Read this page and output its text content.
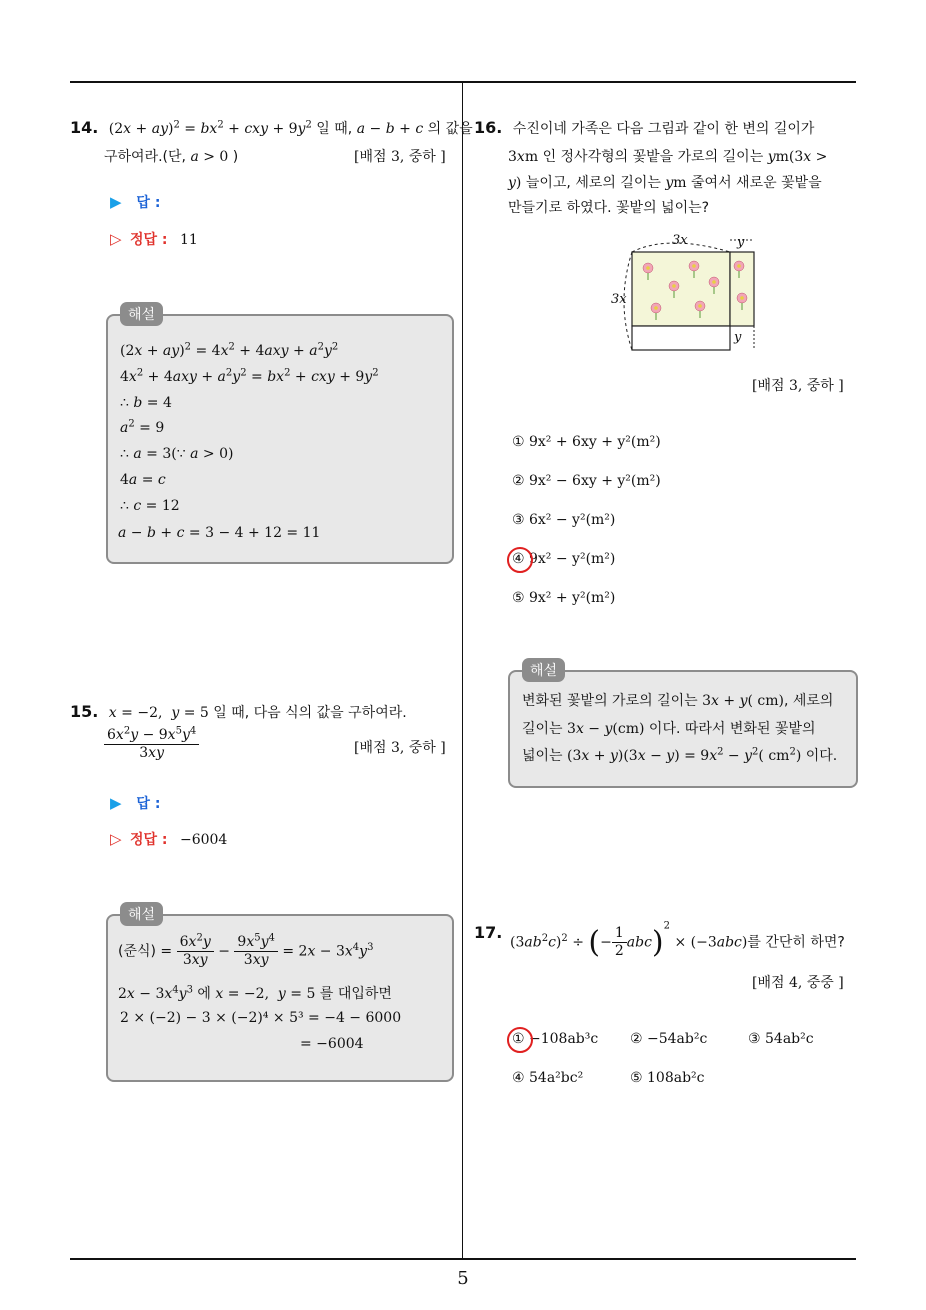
14. $(2x + ay)^2 = bx^2$ + cxy + $9y^2$ 일 때, a − b + c 의 값을
구하여라.(단, a > 0 )	[배점 3, 중하 ]
▶ 답 :
▷ 정답 : 11
해설
$(2x + ay)^2 = 4x^2 + 4axy + a^2y^2$
$4x^2 + 4axy + a^2y^2 = bx^2$ + cxy + $9y^2$
∴ b = 4
$a^2 = 9$
∴ a = 3(∵ a > 0)
4a = c
∴ c = 12
a − b + c = 3 − 4 + 12 = 11
15. x = −2,  y = 5 일 때, 다음 식의 값을 구하여라.
$\frac{6x^2y - 9x^5y^4}{3xy}$	[배점 3, 중하 ]
▶ 답 :
▷ 정답 : −6004
해설
(준식) = $\frac{6x^2y}{3xy} - \frac{9x^5y^4}{3xy} = 2x - 3x^4y^3$
$2x - 3x^4y^3$ 에 x = −2,  y = 5 를 대입하면
2 × (−2) − 3 × (−2)⁴ × 5³ = −4 − 6000
= −6004
16. 수진이네 가족은 다음 그림과 같이 한 변의 길이가
3xm 인 정사각형의 꽃밭을 가로의 길이는 ym(3x >
y) 늘이고, 세로의 길이는 ym 줄여서 새로운 꽃밭을
만들기로 하였다. 꽃밭의 넓이는?
3x	y
3x
y
[배점 3, 중하 ]
① 9x² + 6xy + y²(m²)
② 9x² − 6xy + y²(m²)
③ 6x² − y²(m²)
④ 9x² − y²(m²)
⑤ 9x² + y²(m²)
해설
변화된 꽃밭의 가로의 길이는 3x + y( cm), 세로의
길이는 3x − y(cm) 이다. 따라서 변화된 꽃밭의
넓이는 $(3x + y)(3x - y) = 9x^2 - y^2$( $cm^2$) 이다.
17.
$(3ab^2c)^2$ ÷ (− $\frac{1}{2} abc)^2 \times (-3abc)$를 간단히 하면?
[배점 4, 중중 ]
① −108ab³c ② −54ab²c	③ 54ab²c
④ 54a²bc²	⑤ 108ab²c
5
